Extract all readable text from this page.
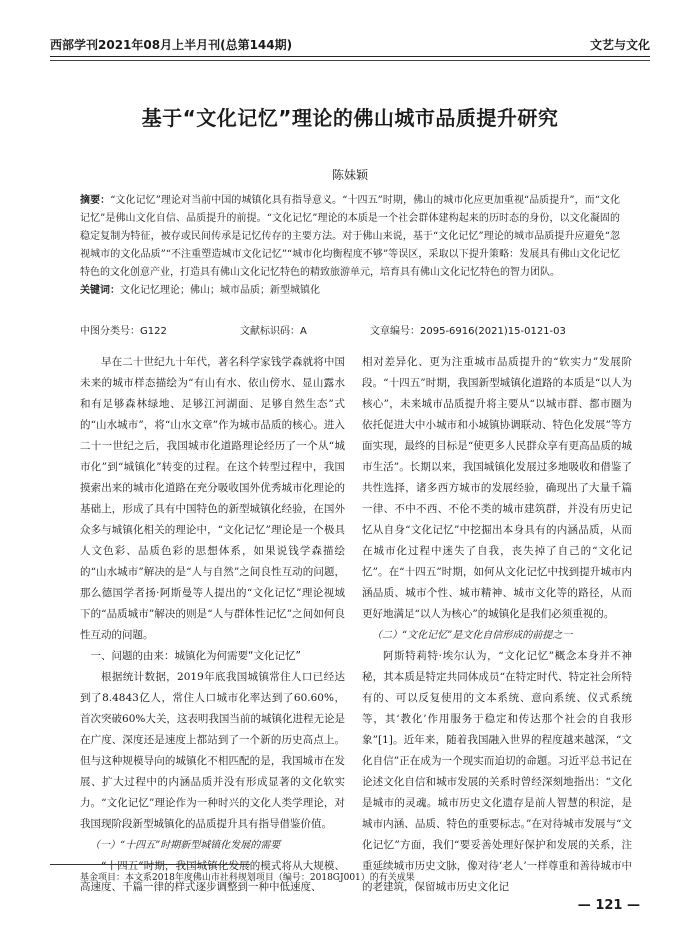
西部学刊2021年08月上半月刊(总第144期)	文艺与文化
基于“文化记忆”理论的佛山城市品质提升研究
陈妹颖
摘要：“文化记忆”理论对当前中国的城镇化具有指导意义。“十四五”时期，佛山的城市化应更加重视“品质提升”，而“文化记忆”是佛山文化自信、品质提升的前提。“文化记忆”理论的本质是一个社会群体建构起来的历时态的身份，以文化凝固的稳定复制为特征，被存或民间传承是记忆传存的主要方法。对于佛山来说，基于“文化记忆”理论的城市品质提升应避免“忽视城市的文化品质”“不注重塑造城市文化记忆”“城市化均衡程度不够”等误区，采取以下提升策略：发展具有佛山文化记忆特色的文化创意产业，打造具有佛山文化记忆特色的精致旅游单元，培育具有佛山文化记忆特色的智力团队。
关键词：文化记忆理论；佛山；城市品质；新型城镇化
中图分类号：G122	文献标识码：A	文章编号：2095-6916(2021)15-0121-03

早在二十世纪九十年代，著名科学家钱学森就将中国未来的城市样态描绘为“有山有水、依山傍水、显山露水和有足够森林绿地、足够江河湖面、足够自然生态”式的“山水城市”，将“山水文章”作为城市品质的核心。进入二十一世纪之后，我国城市化道路理论经历了一个从“城市化”到“城镇化”转变的过程。在这个转型过程中，我国摸索出来的城市化道路在充分吸收国外优秀城市化理论的基础上，形成了具有中国特色的新型城镇化经验，在国外众多与城镇化相关的理论中，“文化记忆”理论是一个极具人文色彩、品质色彩的思想体系，如果说钱学森描绘的“山水城市”解决的是“人与自然”之间良性互动的问题，那么德国学者扬·阿斯曼等人提出的“文化记忆”理论视域下的“品质城市”解决的则是“人与群体性记忆”之间如何良性互动的问题。

一、问题的由来：城镇化为何需要“文化记忆”

根据统计数据，2019年底我国城镇常住人口已经达到了8.4843亿人，常住人口城市化率达到了60.60%，首次突破60%大关，这表明我国当前的城镇化进程无论是在广度、深度还是速度上都站到了一个新的历史高点上。但与这种规模导向的城镇化不相匹配的是，我国城市在发展、扩大过程中的内涵品质并没有形成显著的文化软实力。“文化记忆”理论作为一种时兴的文化人类学理论，对我国现阶段新型城镇化的品质提升具有指导借鉴价值。

（一）“十四五”时期新型城镇化发展的需要

“十四五”时期，我国城镇化发展的模式将从大规模、高速度、千篇一律的样式逐步调整到一种中低速度、

相对差异化、更为注重城市品质提升的“软实力”发展阶段。“十四五”时期，我国新型城镇化道路的本质是“以人为核心”，未来城市品质提升将主要从“以城市群、都市圈为依托促进大中小城市和小城镇协调联动、特色化发展”等方面实现，最终的目标是“使更多人民群众享有更高品质的城市生活”。长期以来，我国城镇化发展过多地吸收和借鉴了共性选择，诸多西方城市的发展经验，确现出了大量千篇一律、不中不西、不伦不类的城市建筑群，并没有历史记忆从自身“文化记忆”中挖掘出本身具有的内涵品质，从而在城市化过程中迷失了自我，丧失掉了自己的“文化记忆”。在“十四五”时期，如何从文化记忆中找到提升城市内涵品质、城市个性、城市精神、城市文化等的路径，从而更好地满足“以人为核心”的城镇化是我们必须重视的。

（二）“文化记忆”是文化自信形成的前提之一

阿斯特莉特·埃尔认为，“文化记忆”概念本身并不神秘，其本质是特定共同体成员“在特定时代、特定社会所特有的、可以反复使用的文本系统、意向系统、仪式系统等，其‘教化’作用服务于稳定和传达那个社会的自我形象”[1]。近年来，随着我国融入世界的程度越来越深，“文化自信”正在成为一个现实而迫切的命题。习近平总书记在论述文化自信和城市发展的关系时曾经深刻地指出：“文化是城市的灵魂。城市历史文化遗存是前人智慧的积淀，是城市内涵、品质、特色的重要标志。”在对待城市发展与“文化记忆”方面，我们“要妥善处理好保护和发展的关系，注重延续城市历史文脉，像对待‘老人’一样尊重和善待城市中的老建筑，保留城市历史文化记

基金项目：本文系2018年度佛山市社科规划项目（编号：2018GJ001）的有关成果
— 121 —
